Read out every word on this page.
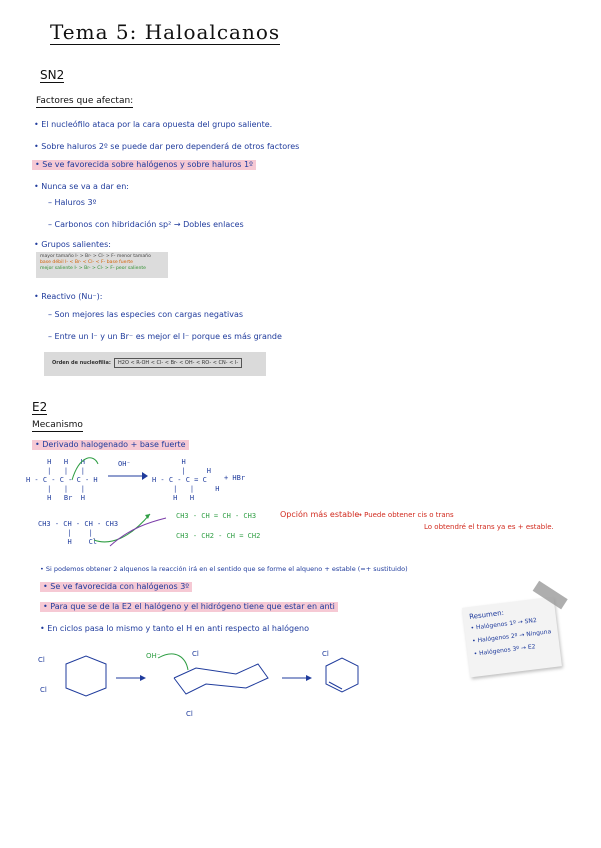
Tema 5: Haloalcanos
SN2
Factores que afectan:
• El nucleófilo ataca por la cara opuesta del grupo saliente.
• Sobre haluros 2º se puede dar pero dependerá de otros factores
• Se ve favorecida sobre halógenos y sobre haluros 1º
• Nunca se va a dar en:
– Haluros 3º
– Carbonos con hibridación sp² → Dobles enlaces
• Grupos salientes:
mayor tamaño I- > Br- > Cl- > F- menor tamaño
base débil I- < Br- < Cl- < F- base fuerte
mejor saliente I- > Br- > Cl- > F- peor saliente
• Reactivo (Nu⁻):
– Son mejores las especies con cargas negativas
– Entre un I⁻ y un Br⁻ es mejor el I⁻ porque es más grande
Orden de nucleofilia:	H2O < R-OH < Cl- < Br- < OH- < RO- < CN- < I-
E2
Mecanismo
• Derivado halogenado + base fuerte
H   H   H
|   |   |
H - C - C - C - H
|   |   |
H   Br  H
OH⁻	H
|     H
H - C - C = C
|   |     H
H   H
+ HBr
CH3 - CH - CH - CH3
|    |
H    Cl
CH3 - CH = CH - CH3
CH3 - CH2 - CH = CH2
Opción más estable
→ Puede obtener cis o trans
Lo obtendré el trans ya es + estable.
• Si podemos obtener 2 alquenos la reacción irá en el sentido que se forme el alqueno + estable (=+ sustituido)
• Se ve favorecida con halógenos 3º
• Para que se de la E2 el halógeno y el hidrógeno tiene que estar en anti
• En ciclos pasa lo mismo y tanto el H en anti respecto al halógeno
Cl
Cl
OH⁻	Cl
Cl
Cl
Resumen:
• Halógenos 1º → SN2
• Halógenos 2º → Ninguna
• Halógenos 3º → E2
